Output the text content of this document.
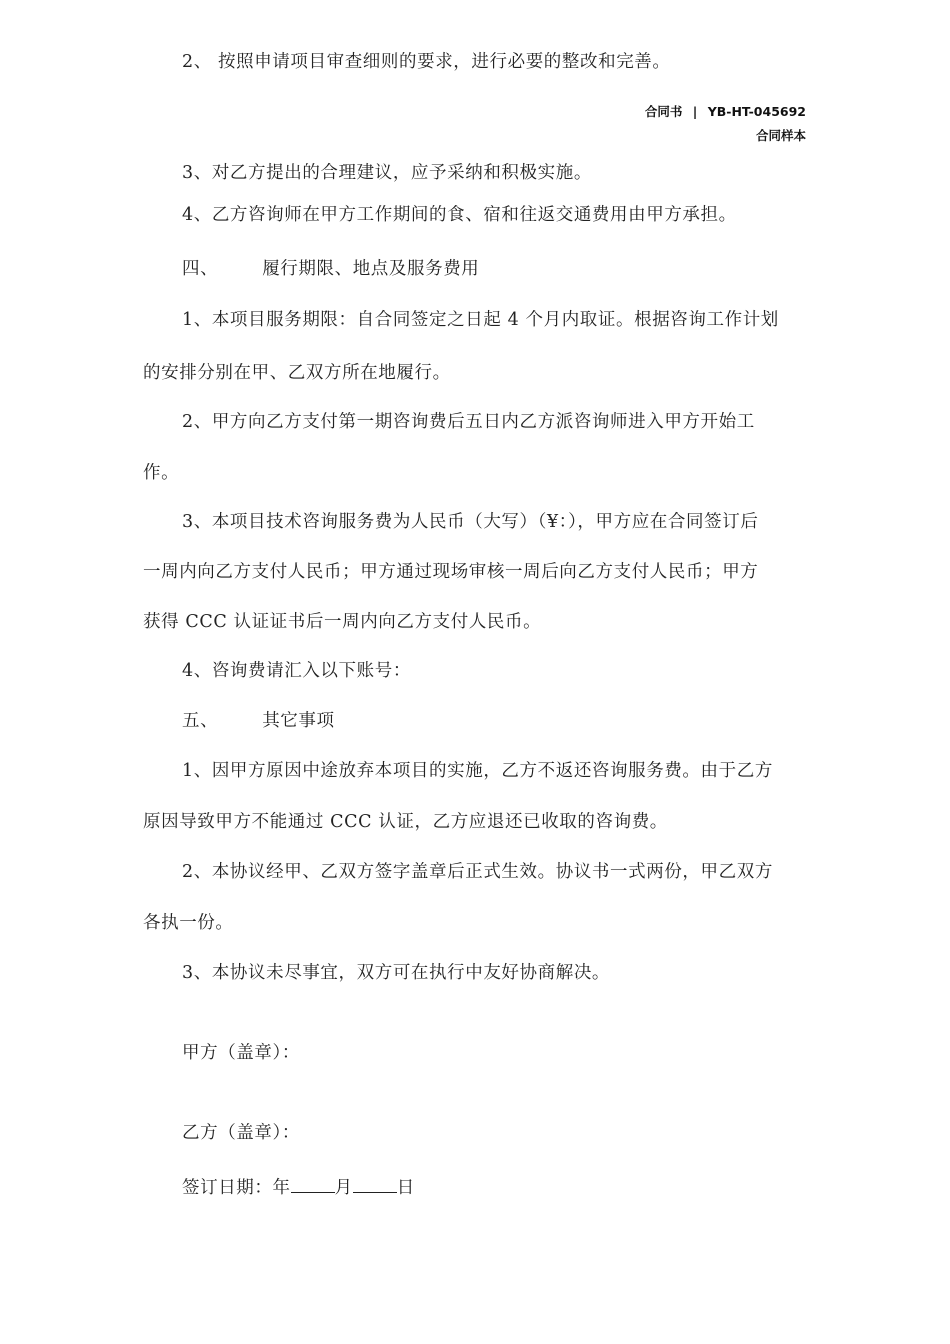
2、 按照申请项目审查细则的要求，进行必要的整改和完善。
合同书 | YB-HT-045692
合同样本
3、对乙方提出的合理建议，应予采纳和积极实施。
4、乙方咨询师在甲方工作期间的食、宿和往返交通费用由甲方承担。
四、	履行期限、地点及服务费用
1、本项目服务期限：自合同签定之日起 4 个月内取证。根据咨询工作计划
的安排分别在甲、乙双方所在地履行。
2、甲方向乙方支付第一期咨询费后五日内乙方派咨询师进入甲方开始工
作。
3、本项目技术咨询服务费为人民币（大写）（¥：），甲方应在合同签订后
一周内向乙方支付人民币；甲方通过现场审核一周后向乙方支付人民币；甲方
获得 CCC 认证证书后一周内向乙方支付人民币。
4、咨询费请汇入以下账号：
五、	其它事项
1、因甲方原因中途放弃本项目的实施，乙方不返还咨询服务费。由于乙方
原因导致甲方不能通过 CCC 认证，乙方应退还已收取的咨询费。
2、本协议经甲、乙双方签字盖章后正式生效。协议书一式两份，甲乙双方
各执一份。
3、本协议未尽事宜，双方可在执行中友好协商解决。
甲方（盖章）：
乙方（盖章）：
签订日期：年	月	日
